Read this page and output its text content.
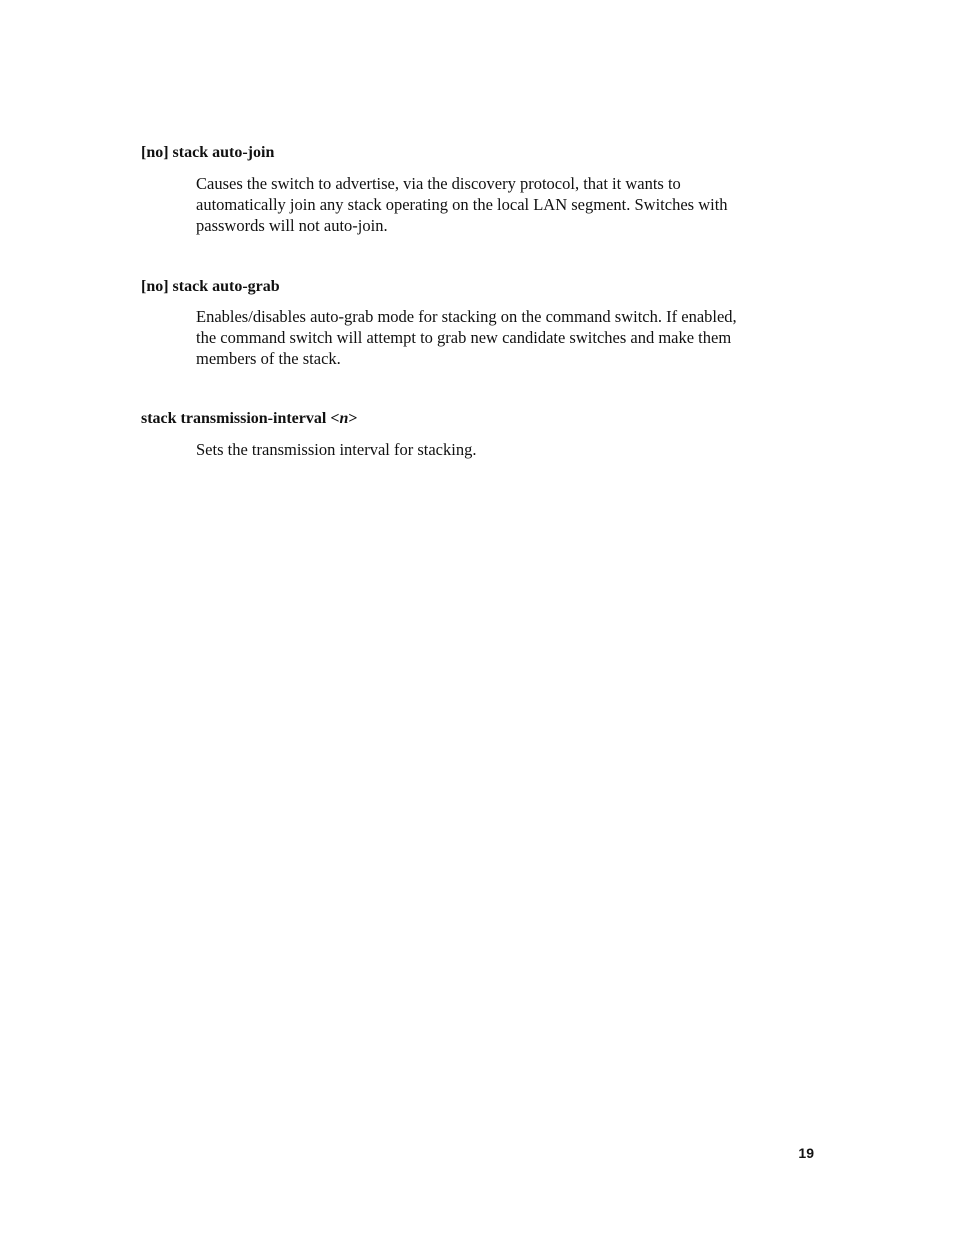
[no] stack auto-join

Causes the switch to advertise, via the discovery protocol, that it wants to
automatically join any stack operating on the local LAN segment. Switches with
passwords will not auto-join.

[no] stack auto-grab

Enables/disables auto-grab mode for stacking on the command switch. If enabled,
the command switch will attempt to grab new candidate switches and make them
members of the stack.

stack transmission-interval <n>

Sets the transmission interval for stacking.

19
